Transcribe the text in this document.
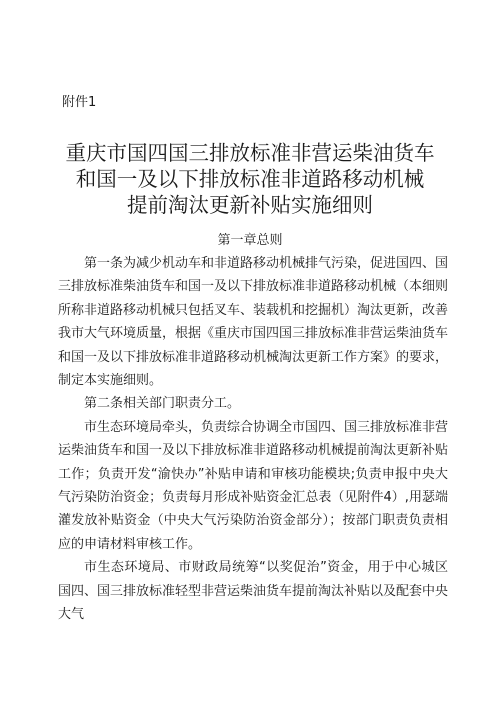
附件1
重庆市国四国三排放标准非营运柴油货车
和国一及以下排放标准非道路移动机械
提前淘汰更新补贴实施细则
第一章总则

第一条为减少机动车和非道路移动机械排气污染，促进国四、国三排放标准柴油货车和国一及以下排放标准非道路移动机械（本细则所称非道路移动机械只包括叉车、装载机和挖掘机）淘汰更新，改善我市大气环境质量，根据《重庆市国四国三排放标准非营运柴油货车和国一及以下排放标准非道路移动机械淘汰更新工作方案》的要求，制定本实施细则。

第二条相关部门职责分工。

市生态环境局牵头，负责综合协调全市国四、国三排放标准非营运柴油货车和国一及以下排放标准非道路移动机械提前淘汰更新补贴工作；负责开发“渝快办”补贴申请和审核功能模块;负责申报中央大气污染防治资金；负责每月形成补贴资金汇总表（见附件4）,用瑟端灌发放补贴资金（中央大气污染防治资金部分）；按部门职责负责相应的申请材料审核工作。

市生态环境局、市财政局统筹“以奖促治”资金，用于中心城区国四、国三排放标准轻型非营运柴油货车提前淘汰补贴以及配套中央大气
